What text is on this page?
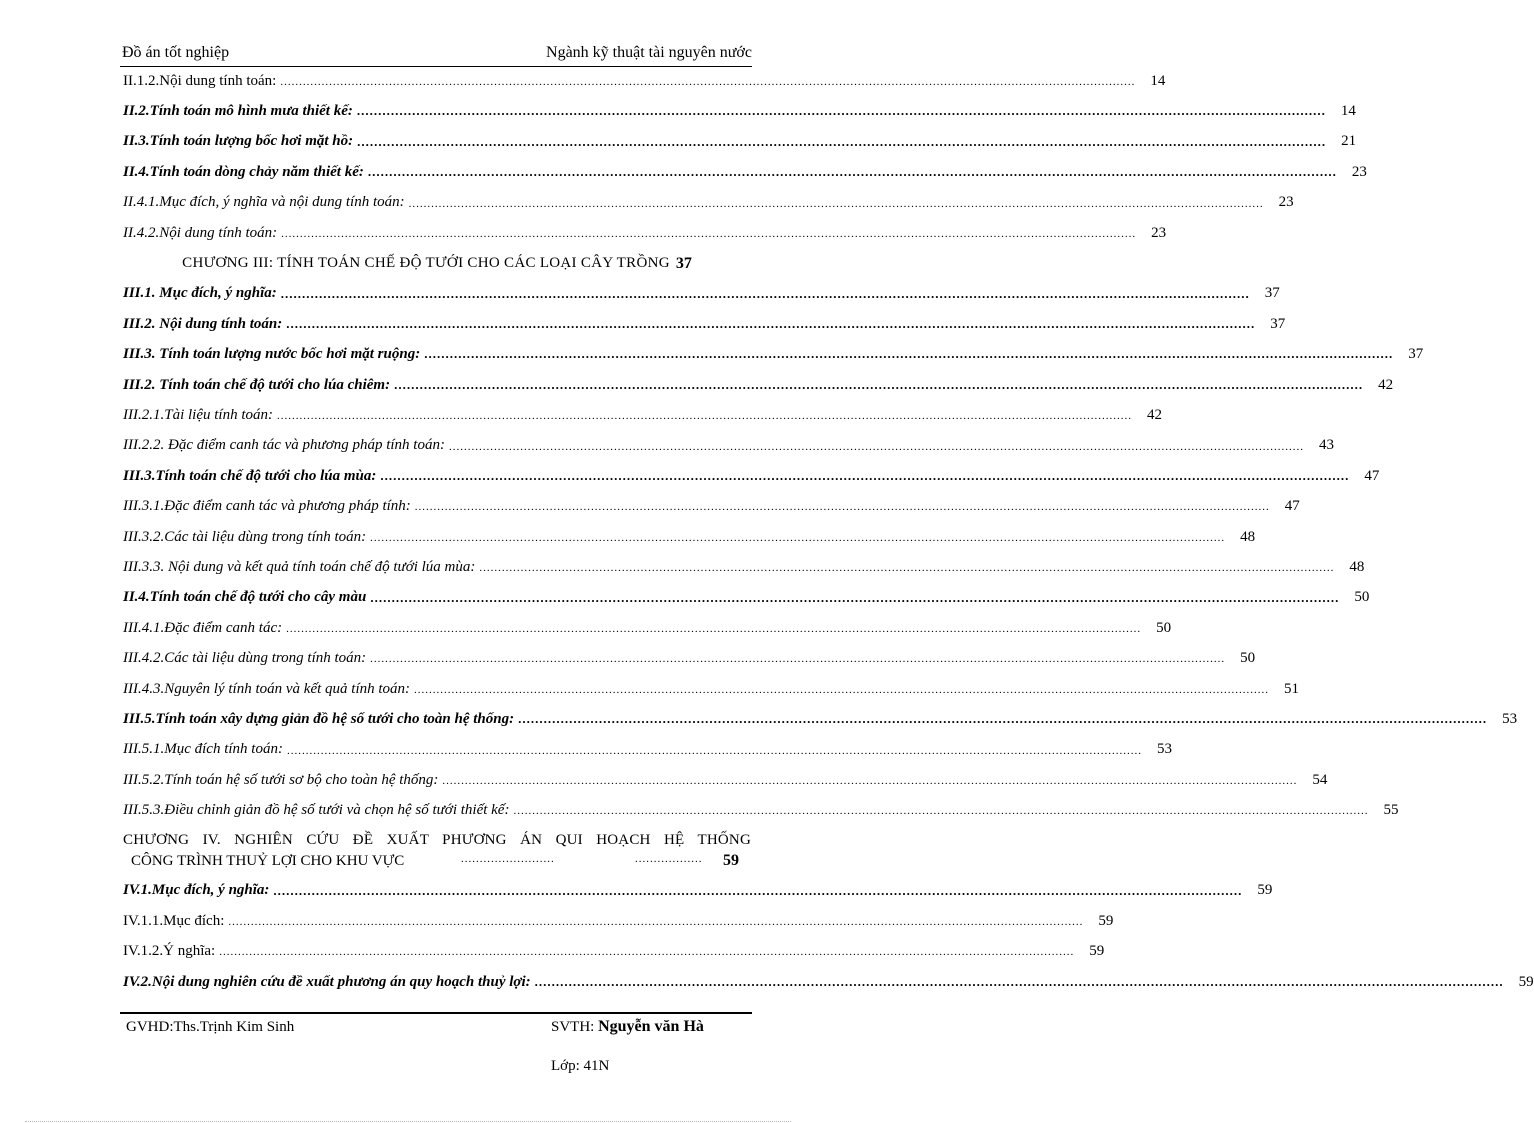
Đồ án tốt nghiệp	Ngành kỹ thuật tài nguyên nước
II.1.2.Nội dung tính toán: .....	14
II.2.Tính toán mô hình mưa thiết kế: .....	14
II.3.Tính toán lượng bốc hơi mặt hồ: .....	21
II.4.Tính toán dòng chảy năm thiết kế: .....	23
II.4.1.Mục đích, ý nghĩa và nội dung tính toán: .....	23
II.4.2.Nội dung tính toán: .....	23
CHƯƠNG III: TÍNH TOÁN CHẾ ĐỘ TƯỚI CHO CÁC LOẠI CÂY TRỒNG 37
III.1. Mục đích, ý nghĩa: .....	37
III.2. Nội dung tính toán: .....	37
III.3. Tính toán lượng nước bốc hơi mặt ruộng: .....	37
III.2. Tính toán chế độ tưới cho lúa chiêm: .....	42
III.2.1.Tài liệu tính toán: .....	42
III.2.2. Đặc điểm canh tác và phương pháp tính toán: .....	43
III.3.Tính toán chế độ tưới cho lúa mùa: .....	47
III.3.1.Đặc điểm canh tác và phương pháp tính: .....	47
III.3.2.Các tài liệu dùng trong tính toán: .....	48
III.3.3. Nội dung và kết quả tính toán chế độ tưới lúa mùa: .....	48
II.4.Tính toán chế độ tưới cho cây màu .....	50
III.4.1.Đặc điểm canh tác: .....	50
III.4.2.Các tài liệu dùng trong tính toán: .....	50
III.4.3.Nguyên lý tính toán và kết quả tính toán: .....	51
III.5.Tính toán xây dựng giản đồ hệ số tưới cho toàn hệ thống: .....	53
III.5.1.Mục đích tính toán: .....	53
III.5.2.Tính toán hệ số tưới sơ bộ cho toàn hệ thống: .....	54
III.5.3.Điều chỉnh giản đồ hệ số tưới và chọn hệ số tưới thiết kế: .....	55
CHƯƠNG IV. NGHIÊN CỨU ĐỀ XUẤT PHƯƠNG ÁN QUI HOẠCH HỆ THỐNG
CÔNG TRÌNH THUỶ LỢI CHO KHU VỰC	.........................	.................. 59
IV.1.Mục đích, ý nghĩa: .....	59
IV.1.1.Mục đích: .....	59
IV.1.2.Ý nghĩa: .....	59
IV.2.Nội dung nghiên cứu đề xuất phương án quy hoạch thuỷ lợi: .....	59
GVHD:Ths.Trịnh Kim Sinh	SVTH: Nguyễn văn Hà
Lớp: 41N
